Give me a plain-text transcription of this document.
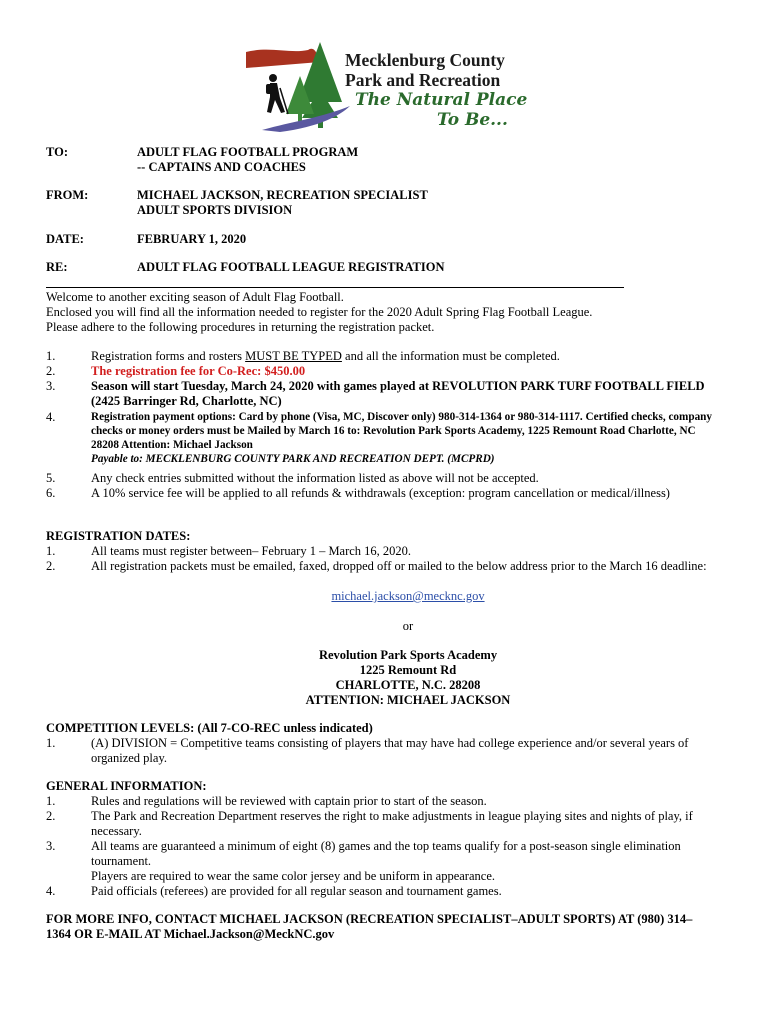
Mecklenburg County
Park and Recreation
The Natural Place
To Be...
TO:	ADULT FLAG FOOTBALL PROGRAM
-- CAPTAINS AND COACHES
FROM:	MICHAEL JACKSON, RECREATION SPECIALIST
ADULT SPORTS DIVISION
DATE:	FEBRUARY 1, 2020
RE:	ADULT FLAG FOOTBALL LEAGUE REGISTRATION
Welcome to another exciting season of Adult Flag Football.
Enclosed you will find all the information needed to register for the 2020 Adult Spring Flag Football League.
Please adhere to the following procedures in returning the registration packet.
1.	Registration forms and rosters MUST BE TYPED and all the information must be completed.
2.	The registration fee for Co-Rec: $450.00
3.	Season will start Tuesday, March 24, 2020 with games played at REVOLUTION PARK TURF FOOTBALL FIELD
(2425 Barringer Rd, Charlotte, NC)
4.	Registration payment options: Card by phone (Visa, MC, Discover only) 980-314-1364 or 980-314-1117. Certified checks, company
checks or money orders must be Mailed by March 16 to: Revolution Park Sports Academy, 1225 Remount Road Charlotte, NC
28208 Attention: Michael Jackson
Payable to: MECKLENBURG COUNTY PARK AND RECREATION DEPT. (MCPRD)
5.	Any check entries submitted without the information listed as above will not be accepted.
6.	A 10% service fee will be applied to all refunds & withdrawals (exception: program cancellation or medical/illness)
REGISTRATION DATES:
1.	All teams must register between– February 1 – March 16, 2020.
2.	All registration packets must be emailed, faxed, dropped off or mailed to the below address prior to the March 16 deadline:
michael.jackson@mecknc.gov
or
Revolution Park Sports Academy
1225 Remount Rd
CHARLOTTE, N.C. 28208
ATTENTION: MICHAEL JACKSON
COMPETITION LEVELS: (All 7-CO-REC unless indicated)
1.	(A) DIVISION = Competitive teams consisting of players that may have had college experience and/or several years of
organized play.
GENERAL INFORMATION:
1.	Rules and regulations will be reviewed with captain prior to start of the season.
2.	The Park and Recreation Department reserves the right to make adjustments in league playing sites and nights of play, if
necessary.
3.	All teams are guaranteed a minimum of eight (8) games and the top teams qualify for a post-season single elimination
tournament.
Players are required to wear the same color jersey and be uniform in appearance.
4.	Paid officials (referees) are provided for all regular season and tournament games.
FOR MORE INFO, CONTACT MICHAEL JACKSON (RECREATION SPECIALIST–ADULT SPORTS) AT (980) 314–
1364 OR E-MAIL AT Michael.Jackson@MeckNC.gov
